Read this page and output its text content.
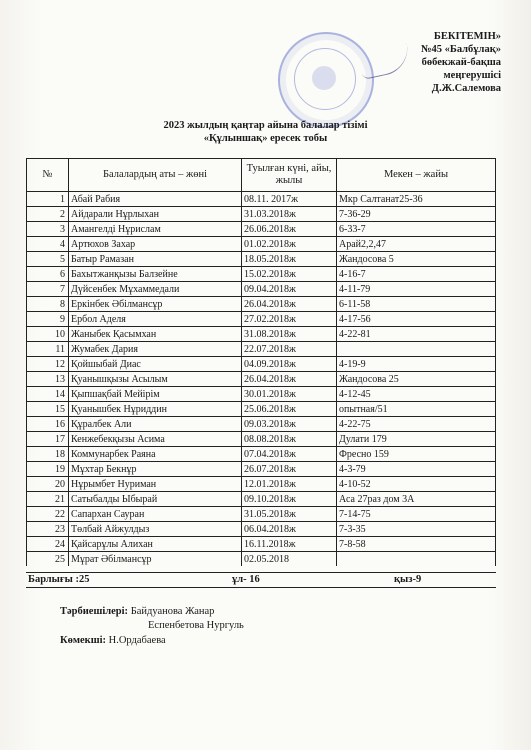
БЕКІТЕМІН»
№45 «Балбұлақ»
бөбекжай-бақша
меңгерушісі
Д.Ж.Салемова
2023 жылдың қаңтар айына балалар тізімі
«Құлыншақ» ересек тобы
№	Балалардың аты – жөні	Туылған күні, айы, жылы	Мекен – жайы
1	Абай Рабия	08.11. 2017ж	Мкр Салтанат25-36
2	Айдарали Нұрлыхан	31.03.2018ж	7-36-29
3	Амангелді Нұрислам	26.06.2018ж	6-33-7
4	Артюхов Захар	01.02.2018ж	Арай2,2,47
5	Батыр Рамазан	18.05.2018ж	Жандосова 5
6	Бахытжанқызы Балзейне	15.02.2018ж	4-16-7
7	Дүйсенбек Мұхаммедали	09.04.2018ж	4-11-79
8	Еркінбек Әбілмансұр	26.04.2018ж	6-11-58
9	Ербол Аделя	27.02.2018ж	4-17-56
10	Жаныбек Қасымхан	31.08.2018ж	4-22-81
11	Жумабек Дария	22.07.2018ж	
12	Қойшыбай Диас	04.09.2018ж	4-19-9
13	Қуанышқызы Асылым	26.04.2018ж	Жандосова 25
14	Қыпшақбай Мейірім	30.01.2018ж	4-12-45
15	Қуанышбек Нұриддин	25.06.2018ж	опытная/51
16	Құралбек Али	09.03.2018ж	4-22-75
17	Кенжебекқызы Асима	08.08.2018ж	Дулати 179
18	Коммунарбек Раяна	07.04.2018ж	Фресно 159
19	Мұхтар Бекнұр	26.07.2018ж	4-3-79
20	Нұрымбет Нуриман	12.01.2018ж	4-10-52
21	Сатыбалды Ыбырай	09.10.2018ж	Аса 27раз дом 3А
22	Сапархан Сауран	31.05.2018ж	7-14-75
23	Төлбай Айжулдыз	06.04.2018ж	7-3-35
24	Қайсарұлы Алихан	16.11.2018ж	7-8-58
25	Мұрат Әбілмансұр	02.05.2018	
Барлығы :25	ұл- 16	қыз-9
Тәрбиешілері: Байдуанова Жанар
Еспенбетова Нургуль
Көмекші: Н.Ордабаева
